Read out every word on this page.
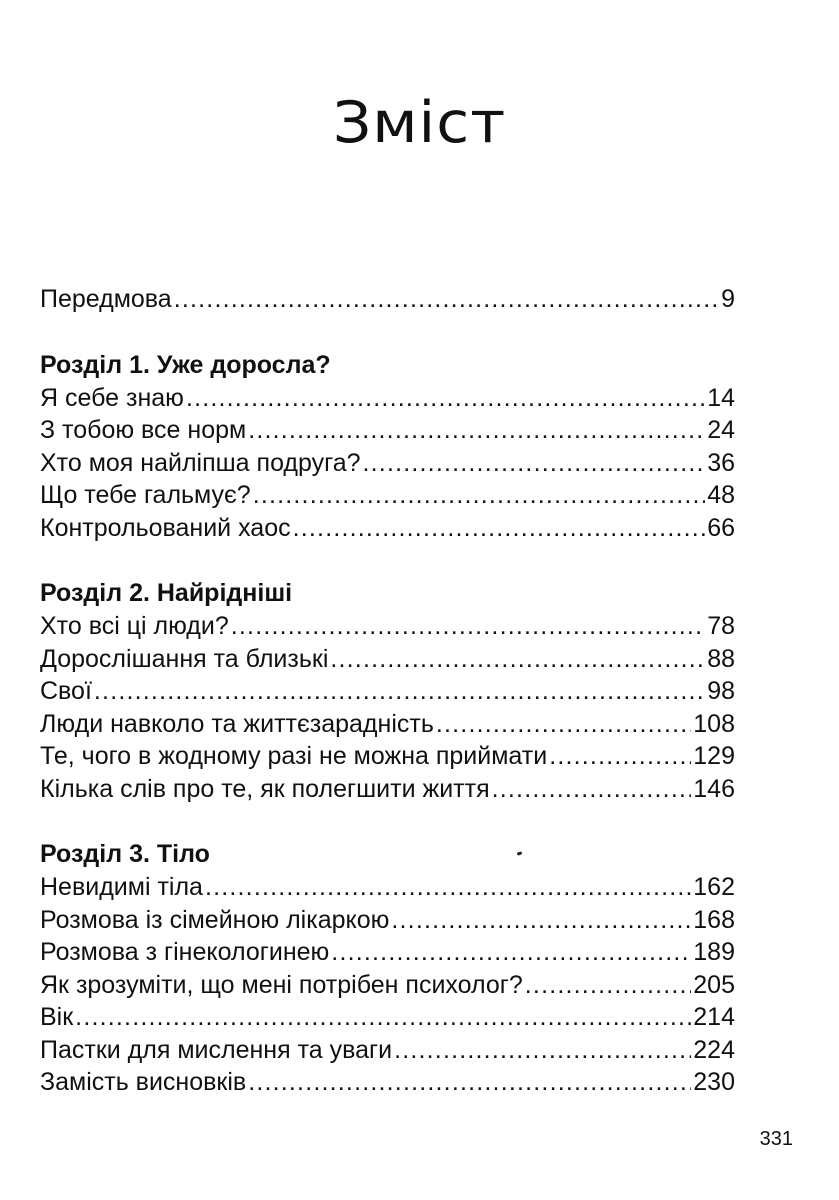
Зміст
Передмова .....	9
Розділ 1. Уже доросла?
Я себе знаю .....	14
З тобою все норм .....	24
Хто моя найліпша подруга? .....	36
Що тебе гальмує? .....	48
Контрольований хаос .....	66
Розділ 2. Найрідніші
Хто всі ці люди? .....	78
Дорослішання та близькі .....	88
Свої .....	98
Люди навколо та життєзарадність .....	108
Те, чого в жодному разі не можна приймати .....	129
Кілька слів про те, як полегшити життя .....	146
Розділ 3. Тіло
Невидимі тіла .....	162
Розмова із сімейною лікаркою .....	168
Розмова з гінекологинею .....	189
Як зрозуміти, що мені потрібен психолог? .....	205
Вік .....	214
Пастки для мислення та уваги .....	224
Замість висновків .....	230
331
